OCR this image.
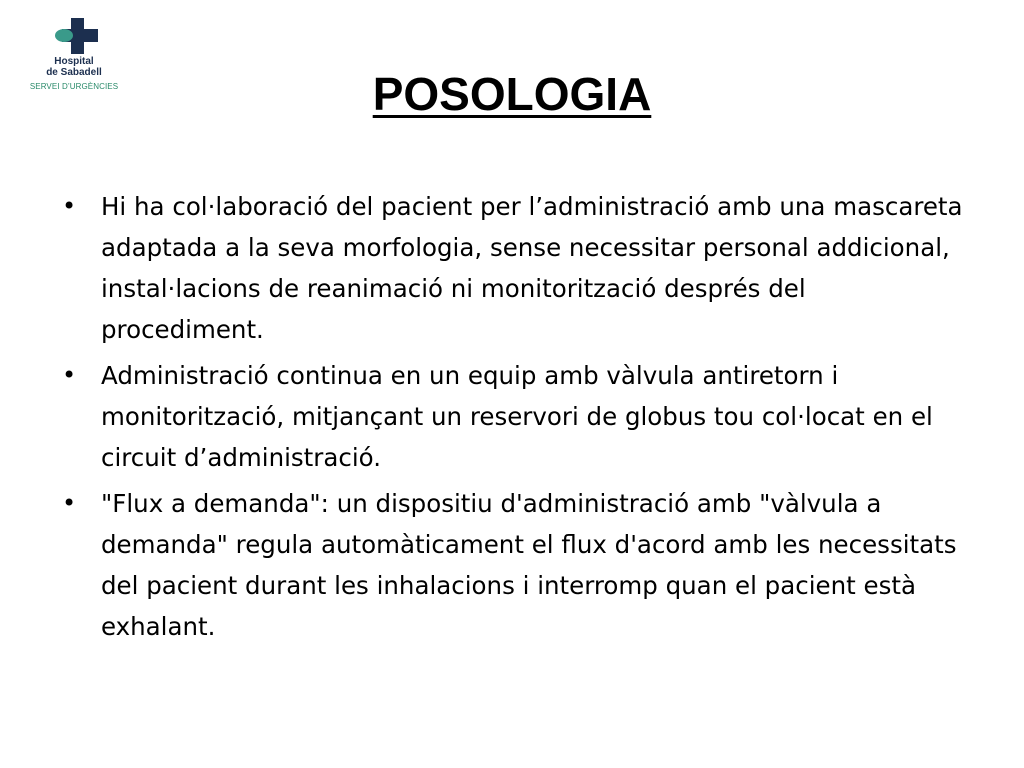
Hospital
de Sabadell
SERVEI D’URGÈNCIES	POSOLOGIA
• Hi ha col·laboració del pacient per l’administració amb una mascareta adaptada a la seva morfologia, sense necessitar personal addicional, instal·lacions de reanimació ni monitorització després del procediment.
• Administració continua en un equip amb vàlvula antiretorn i monitorització, mitjançant un reservori de globus tou col·locat en el circuit d’administració.
• "Flux a demanda": un dispositiu d'administració amb "vàlvula a demanda" regula automàticament el flux d'acord amb les necessitats del pacient durant les inhalacions i interromp quan el pacient està exhalant.
